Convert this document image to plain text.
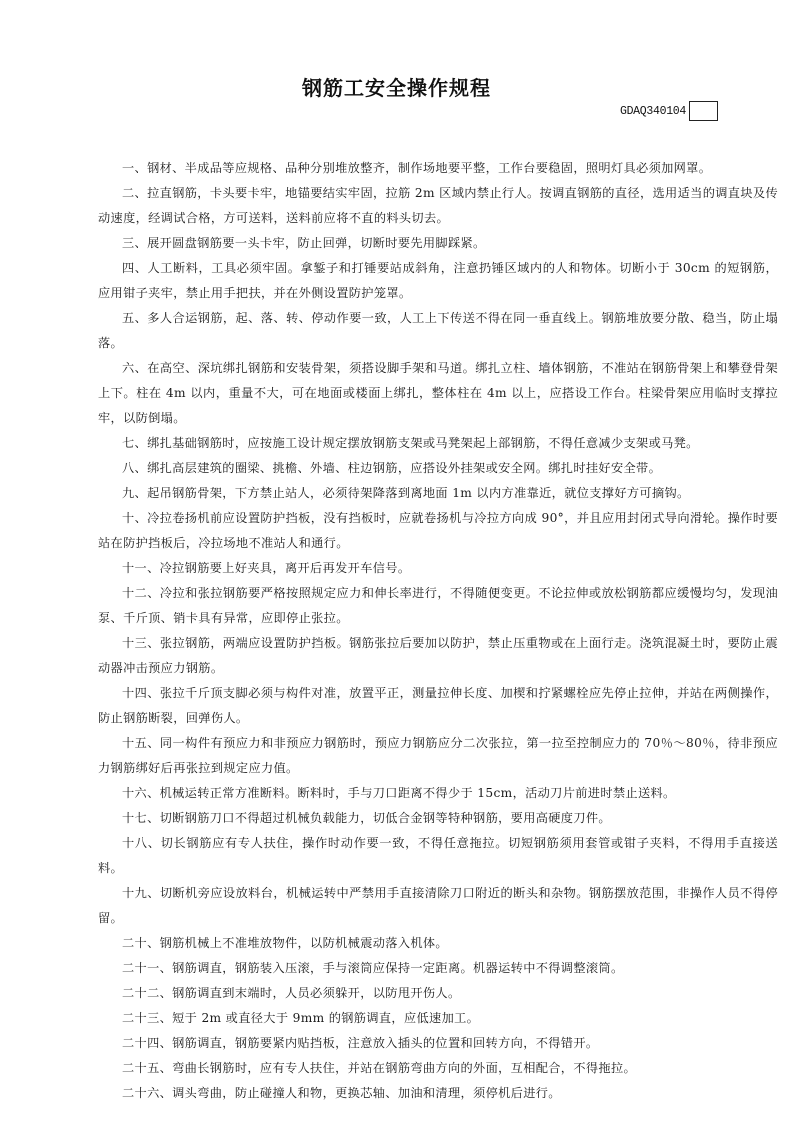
钢筋工安全操作规程
GDAQ340104

一、钢材、半成品等应规格、品种分别堆放整齐，制作场地要平整，工作台要稳固，照明灯具必须加网罩。

二、拉直钢筋，卡头要卡牢，地锚要结实牢固，拉筋 2m 区域内禁止行人。按调直钢筋的直径，选用适当的调直块及传动速度，经调试合格，方可送料，送料前应将不直的料头切去。

三、展开圆盘钢筋要一头卡牢，防止回弹，切断时要先用脚踩紧。

四、人工断料，工具必须牢固。拿錾子和打锤要站成斜角，注意扔锤区域内的人和物体。切断小于 30cm 的短钢筋，应用钳子夹牢，禁止用手把扶，并在外侧设置防护笼罩。

五、多人合运钢筋，起、落、转、停动作要一致，人工上下传送不得在同一垂直线上。钢筋堆放要分散、稳当，防止塌落。

六、在高空、深坑绑扎钢筋和安装骨架，须搭设脚手架和马道。绑扎立柱、墙体钢筋，不准站在钢筋骨架上和攀登骨架上下。柱在 4m 以内，重量不大，可在地面或楼面上绑扎，整体柱在 4m 以上，应搭设工作台。柱梁骨架应用临时支撑拉牢，以防倒塌。

七、绑扎基础钢筋时，应按施工设计规定摆放钢筋支架或马凳架起上部钢筋，不得任意减少支架或马凳。

八、绑扎高层建筑的圈梁、挑檐、外墙、柱边钢筋，应搭设外挂架或安全网。绑扎时挂好安全带。

九、起吊钢筋骨架，下方禁止站人，必须待架降落到离地面 1m 以内方准靠近，就位支撑好方可摘钩。

十、冷拉卷扬机前应设置防护挡板，没有挡板时，应就卷扬机与冷拉方向成 90°，并且应用封闭式导向滑轮。操作时要站在防护挡板后，冷拉场地不准站人和通行。

十一、冷拉钢筋要上好夹具，离开后再发开车信号。

十二、冷拉和张拉钢筋要严格按照规定应力和伸长率进行，不得随便变更。不论拉伸或放松钢筋都应缓慢均匀，发现油泵、千斤顶、销卡具有异常，应即停止张拉。

十三、张拉钢筋，两端应设置防护挡板。钢筋张拉后要加以防护，禁止压重物或在上面行走。浇筑混凝土时，要防止震动器冲击预应力钢筋。

十四、张拉千斤顶支脚必须与构件对准，放置平正，测量拉伸长度、加楔和拧紧螺栓应先停止拉伸，并站在两侧操作，防止钢筋断裂，回弹伤人。

十五、同一构件有预应力和非预应力钢筋时，预应力钢筋应分二次张拉，第一拉至控制应力的 70％～80％，待非预应力钢筋绑好后再张拉到规定应力值。

十六、机械运转正常方准断料。断料时，手与刀口距离不得少于 15cm，活动刀片前进时禁止送料。

十七、切断钢筋刀口不得超过机械负载能力，切低合金钢等特种钢筋，要用高硬度刀件。

十八、切长钢筋应有专人扶住，操作时动作要一致，不得任意拖拉。切短钢筋须用套管或钳子夹料，不得用手直接送料。

十九、切断机旁应设放料台，机械运转中严禁用手直接清除刀口附近的断头和杂物。钢筋摆放范围，非操作人员不得停留。

二十、钢筋机械上不准堆放物件，以防机械震动落入机体。

二十一、钢筋调直，钢筋装入压滚，手与滚筒应保持一定距离。机器运转中不得调整滚筒。

二十二、钢筋调直到末端时，人员必须躲开，以防甩开伤人。

二十三、短于 2m 或直径大于 9mm 的钢筋调直，应低速加工。

二十四、钢筋调直，钢筋要紧内贴挡板，注意放入插头的位置和回转方向，不得错开。

二十五、弯曲长钢筋时，应有专人扶住，并站在钢筋弯曲方向的外面，互相配合，不得拖拉。

二十六、调头弯曲，防止碰撞人和物，更换芯轴、加油和清理，须停机后进行。
